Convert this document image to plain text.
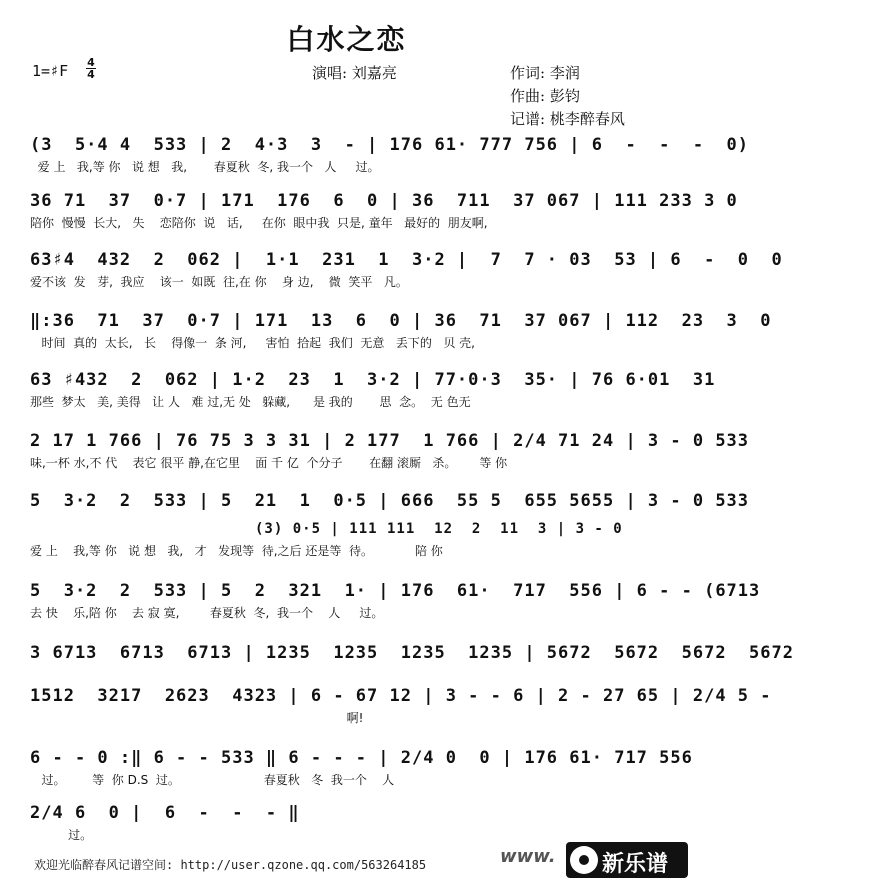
白水之恋
1=♯F 4
4	演唱: 刘嘉亮	作词: 李润
作曲: 彭钧
记谱: 桃李醉春风
(3  5·4 4  533 | 2  4·3  3  - | 176 61· 777 756 | 6  -  -  -  0)
爱 上   我,等 你   说 想   我,       春夏秋  冬, 我一个   人     过。
36 71  37  0·7 | 171  176  6  0 | 36  711  37 067 | 111 233 3 0
陪你  慢慢  长大,   失    恋陪你  说   话,     在你  眼中我  只是, 童年   最好的  朋友啊,
63♯4  432  2  062 |  1·1  231  1  3·2 |  7  7 · 03  53 | 6  -  0  0
爱不该  发   芽,  我应    该一  如既  往,在 你    身 边,    微  笑平   凡。
‖:36  71  37  0·7 | 171  13  6  0 | 36  71  37 067 | 112  23  3  0
时间  真的  太长,   长    得像一  条 河,     害怕  拾起  我们  无意   丢下的   贝 壳,
63 ♯432  2  062 | 1·2  23  1  3·2 | 77·0·3  35· | 76 6·01  31
那些  梦太   美, 美得   让 人   难 过,无 处   躲藏,      是 我的       思  念。  无 色无
2 17 1 766 | 76 75 3 3 31 | 2 177  1 766 | 2/4 71 24 | 3 - 0 533
味,一杯 水,不 代    表它 很平 静,在它里    面 千 亿  个分子       在翻 滚厮   杀。      等 你
5  3·2  2  533 | 5  21  1  0·5 | 666  55 5  655 5655 | 3 - 0 533
(3) 0·5 | 111 111  12  2  11  3 | 3 - 0
爱 上    我,等 你   说 想   我,   才   发现等  待,之后 还是等  待。           陪 你
5  3·2  2  533 | 5  2  321  1· | 176  61·  717  556 | 6 - - (6713
去 快    乐,陪 你    去 寂 寞,        春夏秋  冬,  我一个    人     过。
3 6713  6713  6713 | 1235  1235  1235  1235 | 5672  5672  5672  5672
1512  3217  2623  4323 | 6 - 67 12 | 3 - - 6 | 2 - 27 65 | 2/4 5 -
啊!
6 - - 0 :‖ 6 - - 533 ‖ 6 - - - | 2/4 0  0 | 176 61· 717 556
过。       等  你 D.S  过。                      春夏秋   冬  我一个    人
2/4 6  0 |  6  -  -  - ‖
过。
欢迎光临醉春风记谱空间: http://user.qzone.qq.com/563264185	www. 新乐谱
